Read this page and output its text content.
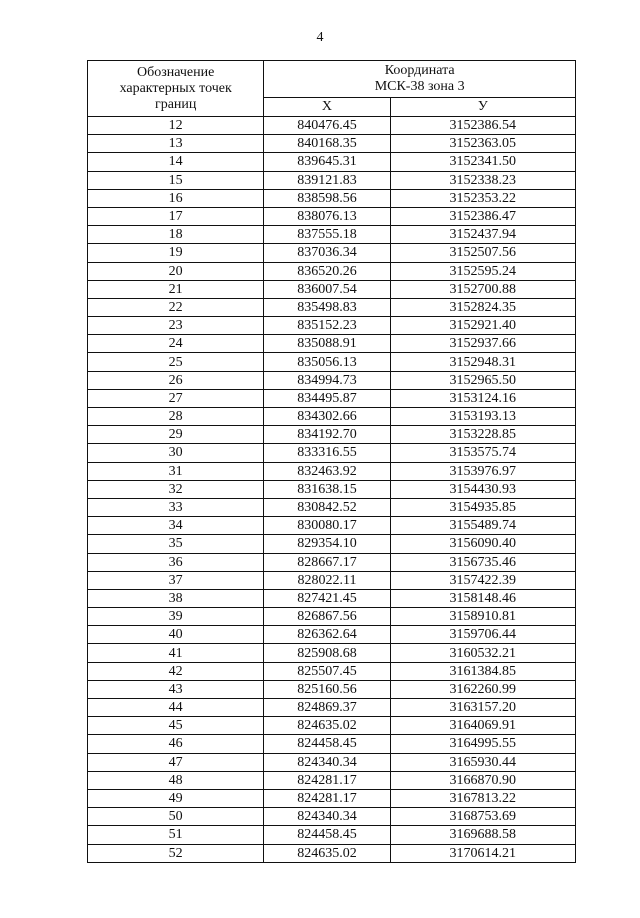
4
Обозначение
характерных точек
границ	Координата
МСК-38 зона 3	

	Х	У
12	840476.45	3152386.54
13	840168.35	3152363.05
14	839645.31	3152341.50
15	839121.83	3152338.23
16	838598.56	3152353.22
17	838076.13	3152386.47
18	837555.18	3152437.94
19	837036.34	3152507.56
20	836520.26	3152595.24
21	836007.54	3152700.88
22	835498.83	3152824.35
23	835152.23	3152921.40
24	835088.91	3152937.66
25	835056.13	3152948.31
26	834994.73	3152965.50
27	834495.87	3153124.16
28	834302.66	3153193.13
29	834192.70	3153228.85
30	833316.55	3153575.74
31	832463.92	3153976.97
32	831638.15	3154430.93
33	830842.52	3154935.85
34	830080.17	3155489.74
35	829354.10	3156090.40
36	828667.17	3156735.46
37	828022.11	3157422.39
38	827421.45	3158148.46
39	826867.56	3158910.81
40	826362.64	3159706.44
41	825908.68	3160532.21
42	825507.45	3161384.85
43	825160.56	3162260.99
44	824869.37	3163157.20
45	824635.02	3164069.91
46	824458.45	3164995.55
47	824340.34	3165930.44
48	824281.17	3166870.90
49	824281.17	3167813.22
50	824340.34	3168753.69
51	824458.45	3169688.58
52	824635.02	3170614.21
